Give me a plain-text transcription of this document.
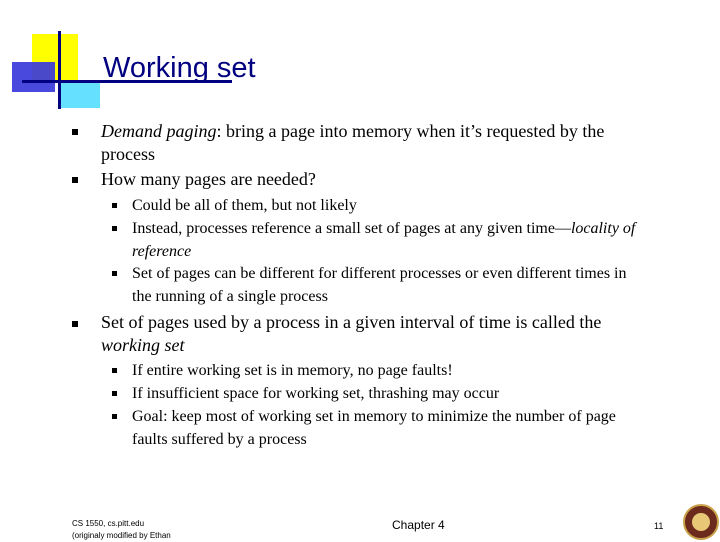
Working set
Demand paging: bring a page into memory when it’s requested by the
process
How many pages are needed?
Could be all of them, but not likely
Instead, processes reference a small set of pages at any given time—locality of
reference
Set of pages can be different for different processes or even different times in
the running of a single process
Set of pages used by a process in a given interval of time is called the
working set
If entire working set is in memory, no page faults!
If insufficient space for working set, thrashing may occur
Goal: keep most of working set in memory to minimize the number of page
faults suffered by a process
CS 1550, cs.pitt.edu
(originaly modified by Ethan
Chapter 4	11
